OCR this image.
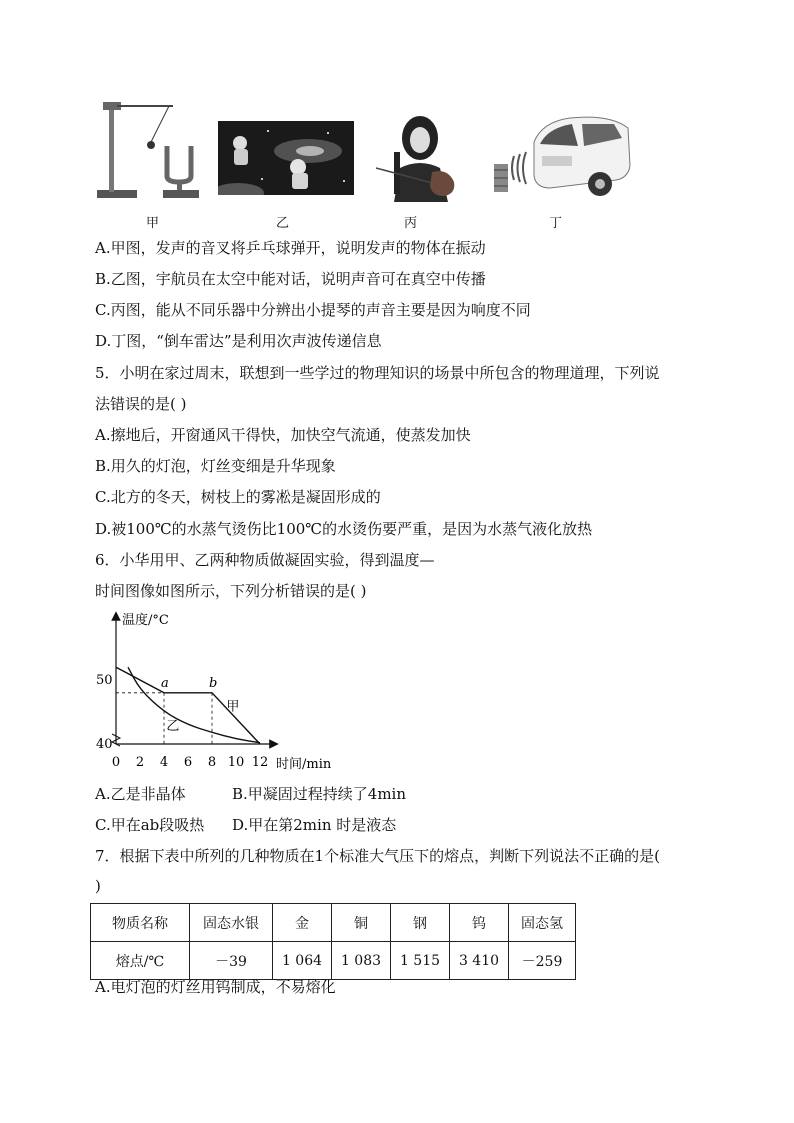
甲	乙	丙	丁
A.甲图，发声的音叉将乒乓球弹开，说明发声的物体在振动
B.乙图，宇航员在太空中能对话，说明声音可在真空中传播
C.丙图，能从不同乐器中分辨出小提琴的声音主要是因为响度不同
D.丁图，“倒车雷达”是利用次声波传递信息
5．小明在家过周末，联想到一些学过的物理知识的场景中所包含的物理道理，下列说
法错误的是( )
A.擦地后，开窗通风干得快，加快空气流通，使蒸发加快
B.用久的灯泡，灯丝变细是升华现象
C.北方的冬天，树枝上的雾凇是凝固形成的
D.被100℃的水蒸气烫伤比100℃的水烫伤要严重，是因为水蒸气液化放热
6．小华用甲、乙两种物质做凝固实验，得到温度—
时间图像如图所示，下列分析错误的是( )
温度/°C
时间/min
0 2 4 6 8 10 12
50
40
a	b
甲
乙
A.乙是非晶体	B.甲凝固过程持续了4min
C.甲在ab段吸热 D.甲在第2min 时是液态
7．根据下表中所列的几种物质在1个标准大气压下的熔点，判断下列说法不正确的是(
)
物质名称	固态水银	金	铜	钢	钨	固态氢
熔点/℃	－39	1 064	1 083	1 515	3 410	－259
A.电灯泡的灯丝用钨制成，不易熔化
